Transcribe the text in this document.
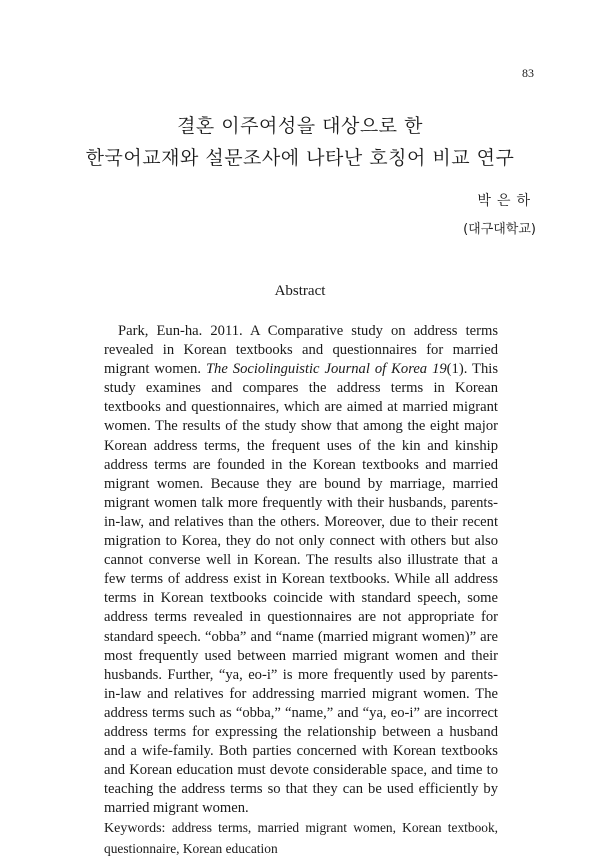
83
결혼 이주여성을 대상으로 한
한국어교재와 설문조사에 나타난 호칭어 비교 연구
박은하
(대구대학교)
Abstract

Park, Eun-ha. 2011. A Comparative study on address terms revealed in Korean textbooks and questionnaires for married migrant women. The Sociolinguistic Journal of Korea 19(1). This study examines and compares the address terms in Korean textbooks and questionnaires, which are aimed at married migrant women. The results of the study show that among the eight major Korean address terms, the frequent uses of the kin and kinship address terms are founded in the Korean textbooks and married migrant women. Because they are bound by marriage, married migrant women talk more frequently with their husbands, parents-in-law, and relatives than the others. Moreover, due to their recent migration to Korea, they do not only connect with others but also cannot converse well in Korean. The results also illustrate that a few terms of address exist in Korean textbooks. While all address terms in Korean textbooks coincide with standard speech, some address terms revealed in questionnaires are not appropriate for standard speech. “obba” and “name (married migrant women)” are most frequently used between married migrant women and their husbands. Further, “ya, eo-i” is more frequently used by parents-in-law and relatives for addressing married migrant women. The address terms such as “obba,” “name,” and “ya, eo-i” are incorrect address terms for expressing the relationship between a husband and a wife-family. Both parties concerned with Korean textbooks and Korean education must devote considerable space, and time to teaching the address terms so that they can be used efficiently by married migrant women.

Keywords: address terms, married migrant women, Korean textbook, questionnaire, Korean education
